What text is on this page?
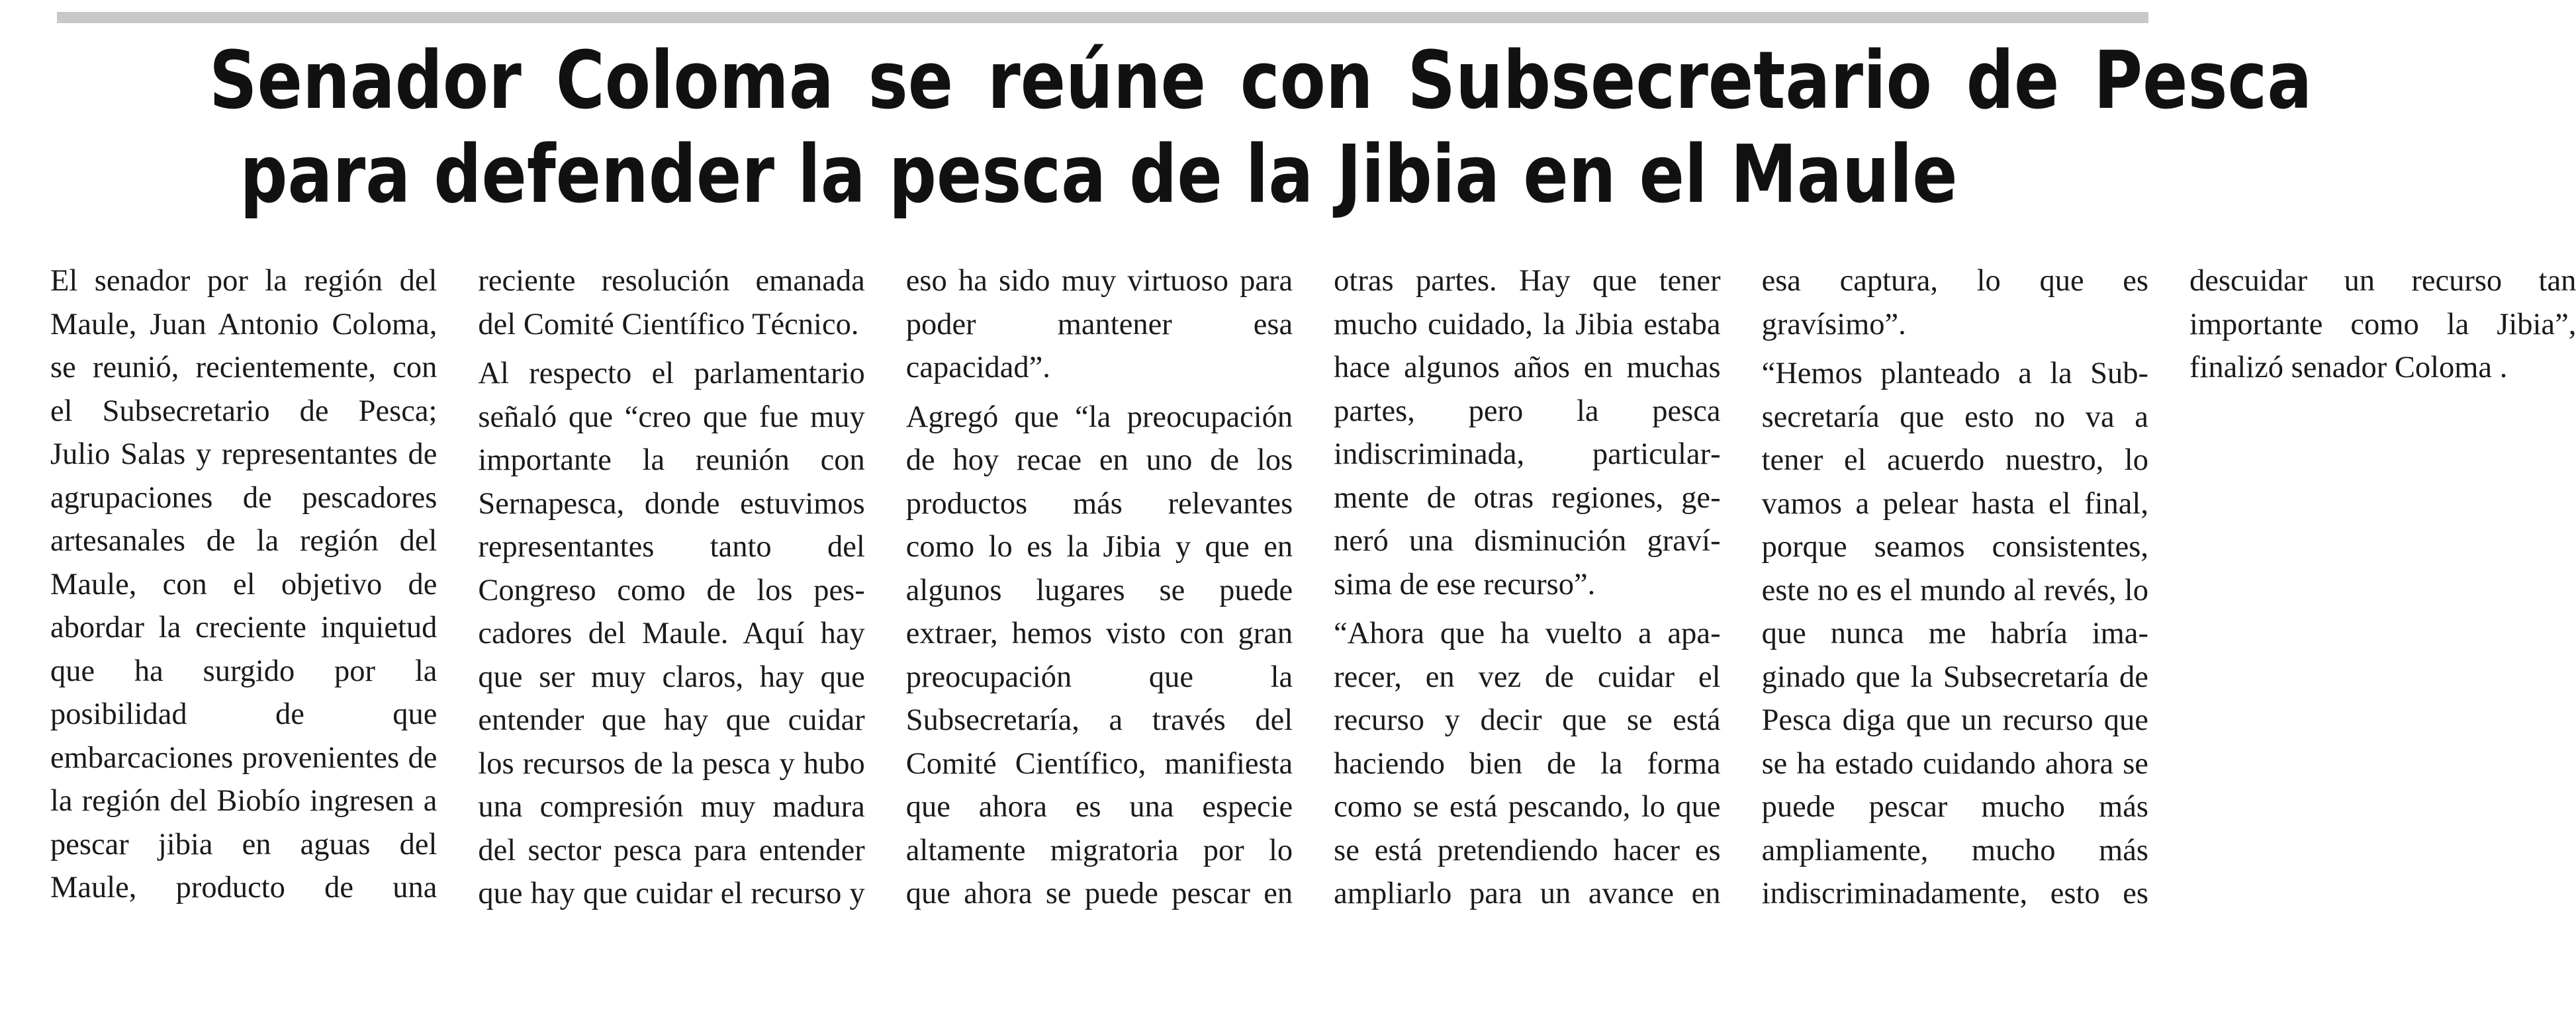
Senador Coloma se reúne con Subsecretario de Pesca
para defender la pesca de la Jibia en el Maule

El senador por la región del Maule, Juan Antonio Coloma, se reunió, recientemente, con el Subsecretario de Pesca; Julio Salas y representantes de agrupaciones de pescadores artesanales de la región del Maule, con el objetivo de abordar la creciente inquietud que ha surgido por la posibilidad de que embarcaciones provenientes de la región del Biobío ingresen a pescar jibia en aguas del Maule, producto de una reciente resolución emanada del Comité Científico Técnico.

Al respecto el parlamentario señaló que “creo que fue muy importante la reunión con Sernapesca, donde estuvimos representantes tanto del Congreso como de los pescadores del Maule. Aquí hay que ser muy claros, hay que entender que hay que cuidar los recursos de la pesca y hubo una compresión muy madura del sector pesca para entender que hay que cuidar el recurso y eso ha sido muy virtuoso para poder mantener esa capacidad”.

Agregó que “la preocupación de hoy recae en uno de los productos más relevantes como lo es la Jibia y que en algunos lugares se puede extraer, hemos visto con gran preocupación que la Subsecretaría, a través del Comité Científico, manifiesta que ahora es una especie altamente migratoria por lo que ahora se puede pescar en otras partes. Hay que tener mucho cuidado, la Jibia estaba hace algunos años en muchas partes, pero la pesca indiscriminada, particularmente de otras regiones, generó una disminución gravísima de ese recurso”.

“Ahora que ha vuelto a aparecer, en vez de cuidar el recurso y decir que se está haciendo bien de la forma como se está pescando, lo que se está pretendiendo hacer es ampliarlo para un avance en esa captura, lo que es gravísimo”.

“Hemos planteado a la Subsecretaría que esto no va a tener el acuerdo nuestro, lo vamos a pelear hasta el final, porque seamos consistentes, este no es el mundo al revés, lo que nunca me habría imaginado que la Subsecretaría de Pesca diga que un recurso que se ha estado cuidando ahora se puede pescar mucho más ampliamente, mucho más indiscriminadamente, esto es descuidar un recurso tan importante como la Jibia”, finalizó senador Coloma .
